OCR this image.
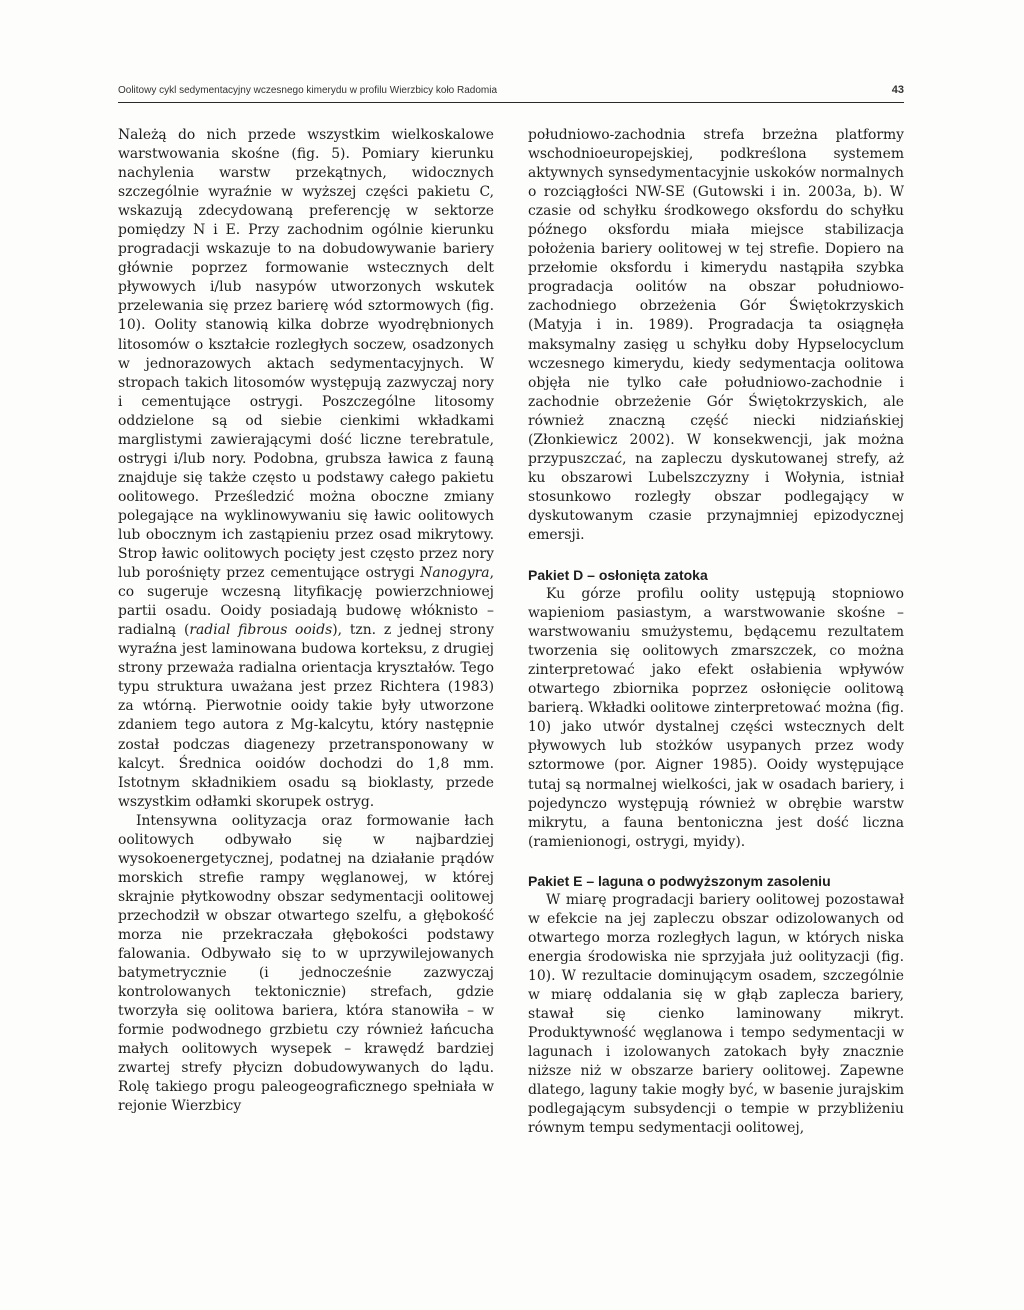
Oolitowy cykl sedymentacyjny wczesnego kimerydu w profilu Wierzbicy koło Radomia	43

Należą do nich przede wszystkim wielkoskalowe warstwowania skośne (fig. 5). Pomiary kierunku nachylenia warstw przekątnych, widocznych szczególnie wyraźnie w wyższej części pakietu C, wskazują zdecydowaną preferencję w sektorze pomiędzy N i E. Przy zachodnim ogólnie kierunku progradacji wskazuje to na dobudowywanie bariery głównie poprzez formowanie wstecznych delt pływowych i/lub nasypów utworzonych wskutek przelewania się przez barierę wód sztormowych (fig. 10). Oolity stanowią kilka dobrze wyodrębnionych litosomów o kształcie rozległych soczew, osadzonych w jednorazowych aktach sedymentacyjnych. W stropach takich litosomów występują zazwyczaj nory i cementujące ostrygi. Poszczególne litosomy oddzielone są od siebie cienkimi wkładkami marglistymi zawierającymi dość liczne terebratule, ostrygi i/lub nory. Podobna, grubsza ławica z fauną znajduje się także często u podstawy całego pakietu oolitowego. Prześledzić można oboczne zmiany polegające na wyklinowywaniu się ławic oolitowych lub obocznym ich zastąpieniu przez osad mikrytowy. Strop ławic oolitowych pocięty jest często przez nory lub porośnięty przez cementujące ostrygi Nanogyra, co sugeruje wczesną lityfikację powierzchniowej partii osadu. Ooidy posiadają budowę włóknisto – radialną (radial fibrous ooids), tzn. z jednej strony wyraźna jest laminowana budowa korteksu, z drugiej strony przeważa radialna orientacja kryształów. Tego typu struktura uważana jest przez Richtera (1983) za wtórną. Pierwotnie ooidy takie były utworzone zdaniem tego autora z Mg-kalcytu, który następnie został podczas diagenezy przetransponowany w kalcyt. Średnica ooidów dochodzi do 1,8 mm. Istotnym składnikiem osadu są bioklasty, przede wszystkim odłamki skorupek ostryg.

Intensywna oolityzacja oraz formowanie łach oolitowych odbywało się w najbardziej wysokoenergetycznej, podatnej na działanie prądów morskich strefie rampy węglanowej, w której skrajnie płytkowodny obszar sedymentacji oolitowej przechodził w obszar otwartego szelfu, a głębokość morza nie przekraczała głębokości podstawy falowania. Odbywało się to w uprzywilejowanych batymetrycznie (i jednocześnie zazwyczaj kontrolowanych tektonicznie) strefach, gdzie tworzyła się oolitowa bariera, która stanowiła – w formie podwodnego grzbietu czy również łańcucha małych oolitowych wysepek – krawędź bardziej zwartej strefy płycizn dobudowywanych do lądu. Rolę takiego progu paleogeograficznego spełniała w rejonie Wierzbicy

południowo-zachodnia strefa brzeżna platformy wschodnioeuropejskiej, podkreślona systemem aktywnych synsedymentacyjnie uskoków normalnych o rozciągłości NW-SE (Gutowski i in. 2003a, b). W czasie od schyłku środkowego oksfordu do schyłku późnego oksfordu miała miejsce stabilizacja położenia bariery oolitowej w tej strefie. Dopiero na przełomie oksfordu i kimerydu nastąpiła szybka progradacja oolitów na obszar południowo-zachodniego obrzeżenia Gór Świętokrzyskich (Matyja i in. 1989). Progradacja ta osiągnęła maksymalny zasięg u schyłku doby Hypselocyclum wczesnego kimerydu, kiedy sedymentacja oolitowa objęła nie tylko całe południowo-zachodnie i zachodnie obrzeżenie Gór Świętokrzyskich, ale również znaczną część niecki nidziańskiej (Złonkiewicz 2002). W konsekwencji, jak można przypuszczać, na zapleczu dyskutowanej strefy, aż ku obszarowi Lubelszczyzny i Wołynia, istniał stosunkowo rozległy obszar podlegający w dyskutowanym czasie przynajmniej epizodycznej emersji.

Pakiet D – osłonięta zatoka

Ku górze profilu oolity ustępują stopniowo wapieniom pasiastym, a warstwowanie skośne – warstwowaniu smużystemu, będącemu rezultatem tworzenia się oolitowych zmarszczek, co można zinterpretować jako efekt osłabienia wpływów otwartego zbiornika poprzez osłonięcie oolitową barierą. Wkładki oolitowe zinterpretować można (fig. 10) jako utwór dystalnej części wstecznych delt pływowych lub stożków usypanych przez wody sztormowe (por. Aigner 1985). Ooidy występujące tutaj są normalnej wielkości, jak w osadach bariery, i pojedynczo występują również w obrębie warstw mikrytu, a fauna bentoniczna jest dość liczna (ramienionogi, ostrygi, myidy).

Pakiet E – laguna o podwyższonym zasoleniu

W miarę progradacji bariery oolitowej pozostawał w efekcie na jej zapleczu obszar odizolowanych od otwartego morza rozległych lagun, w których niska energia środowiska nie sprzyjała już oolityzacji (fig. 10). W rezultacie dominującym osadem, szczególnie w miarę oddalania się w głąb zaplecza bariery, stawał się cienko laminowany mikryt. Produktywność węglanowa i tempo sedymentacji w lagunach i izolowanych zatokach były znacznie niższe niż w obszarze bariery oolitowej. Zapewne dlatego, laguny takie mogły być, w basenie jurajskim podlegającym subsydencji o tempie w przybliżeniu równym tempu sedymentacji oolitowej,
